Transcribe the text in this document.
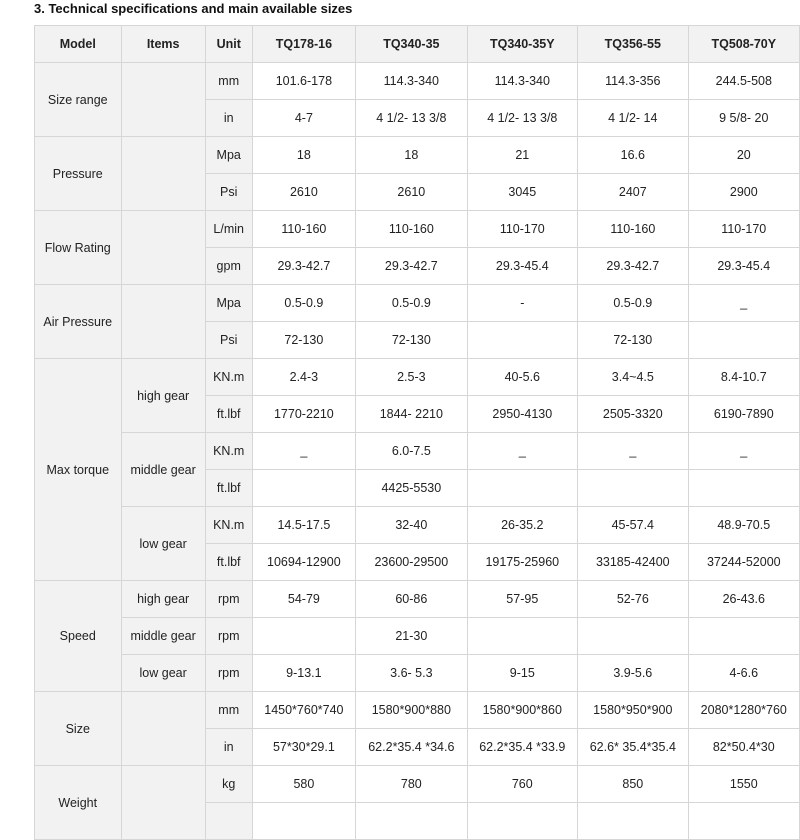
3. Technical specifications and main available sizes
Model	Items	Unit	TQ178-16	TQ340-35	TQ340-35Y	TQ356-55	TQ508-70Y
Size range		mm	101.6-178	114.3-340	114.3-340	114.3-356	244.5-508
		in	4-7	4 1/2- 13 3/8	4 1/2- 13 3/8	4 1/2- 14	9 5/8- 20
Pressure		Mpa	18	18	21	16.6	20
		Psi	2610	2610	3045	2407	2900
Flow Rating		L/min	110-160	110-160	110-170	110-160	110-170
		gpm	29.3-42.7	29.3-42.7	29.3-45.4	29.3-42.7	29.3-45.4
Air Pressure		Mpa	0.5-0.9	0.5-0.9	-	0.5-0.9	_
		Psi	72-130	72-130		72-130	
Max torque	high gear	KN.m	2.4-3	2.5-3	40-5.6	3.4~4.5	8.4-10.7
		ft.lbf	1770-2210	1844- 2210	2950-4130	2505-3320	6190-7890
	middle gear	KN.m	_	6.0-7.5	_	_	_
		ft.lbf		4425-5530			
	low gear	KN.m	14.5-17.5	32-40	26-35.2	45-57.4	48.9-70.5
		ft.lbf	10694-12900	23600-29500	19175-25960	33185-42400	37244-52000
Speed	high gear	rpm	54-79	60-86	57-95	52-76	26-43.6
	middle gear	rpm		21-30			
	low gear	rpm	9-13.1	3.6- 5.3	9-15	3.9-5.6	4-6.6
Size		mm	1450*760*740	1580*900*880	1580*900*860	1580*950*900	2080*1280*760
		in	57*30*29.1	62.2*35.4 *34.6	62.2*35.4 *33.9	62.6* 35.4*35.4	82*50.4*30
Weight		kg	580	780	760	850	1550
